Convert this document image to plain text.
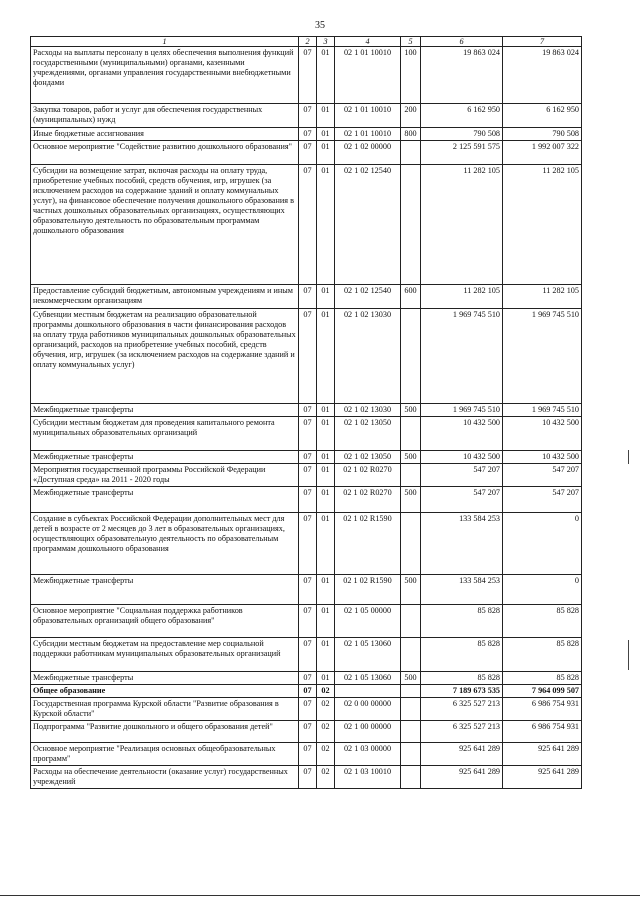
35
1	2	3	4	5	6	7
Расходы на выплаты персоналу в целях обеспечения выполнения функций государственными (муниципальными) органами, казенными учреждениями, органами управления государственными внебюджетными фондами	07	01	02 1 01 10010	100	19 863 024	19 863 024
Закупка товаров, работ и услуг для обеспечения государственных (муниципальных) нужд	07	01	02 1 01 10010	200	6 162 950	6 162 950
Иные бюджетные ассигнования	07	01	02 1 01 10010	800	790 508	790 508
Основное мероприятие "Содействие развитию дошкольного образования"	07	01	02 1 02 00000		2 125 591 575	1 992 007 322
Субсидии на возмещение затрат, включая расходы на оплату труда, приобретение учебных пособий, средств обучения, игр, игрушек (за исключением расходов на содержание зданий и оплату коммунальных услуг), на финансовое обеспечение получения дошкольного образования в частных дошкольных образовательных организациях, осуществляющих образовательную деятельность по образовательным программам дошкольного образования	07	01	02 1 02 12540		11 282 105	11 282 105
Предоставление субсидий бюджетным, автономным учреждениям и иным некоммерческим организациям	07	01	02 1 02 12540	600	11 282 105	11 282 105
Субвенции местным бюджетам на реализацию образовательной программы дошкольного образования в части финансирования расходов на оплату труда работников муниципальных дошкольных образовательных организаций, расходов на приобретение учебных пособий, средств обучения, игр, игрушек (за исключением расходов на содержание зданий и оплату коммунальных услуг)	07	01	02 1 02 13030		1 969 745 510	1 969 745 510
Межбюджетные трансферты	07	01	02 1 02 13030	500	1 969 745 510	1 969 745 510
Субсидии местным бюджетам для проведения капитального ремонта муниципальных образовательных организаций	07	01	02 1 02 13050		10 432 500	10 432 500
Межбюджетные трансферты	07	01	02 1 02 13050	500	10 432 500	10 432 500
Мероприятия государственной программы Российской Федерации «Доступная среда» на 2011 - 2020 годы	07	01	02 1 02 R0270		547 207	547 207
Межбюджетные трансферты	07	01	02 1 02 R0270	500	547 207	547 207
Создание в субъектах Российской Федерации дополнительных мест для детей в возрасте от 2 месяцев до 3 лет в образовательных организациях, осуществляющих образовательную деятельность по образовательным программам дошкольного образования	07	01	02 1 02 R1590		133 584 253	0
Межбюджетные трансферты	07	01	02 1 02 R1590	500	133 584 253	0
Основное мероприятие "Социальная поддержка работников образовательных организаций общего образования"	07	01	02 1 05 00000		85 828	85 828
Субсидии местным бюджетам на предоставление мер социальной поддержки работникам муниципальных образовательных организаций	07	01	02 1 05 13060		85 828	85 828
Межбюджетные трансферты	07	01	02 1 05 13060	500	85 828	85 828
Общее образование	07	02			7 189 673 535	7 964 099 507
Государственная программа Курской области "Развитие образования в Курской области"	07	02	02 0 00 00000		6 325 527 213	6 986 754 931
Подпрограмма "Развитие дошкольного и общего образования детей"	07	02	02 1 00 00000		6 325 527 213	6 986 754 931
Основное мероприятие "Реализация основных общеобразовательных программ"	07	02	02 1 03 00000		925 641 289	925 641 289
Расходы на обеспечение деятельности (оказание услуг) государственных учреждений	07	02	02 1 03 10010		925 641 289	925 641 289
